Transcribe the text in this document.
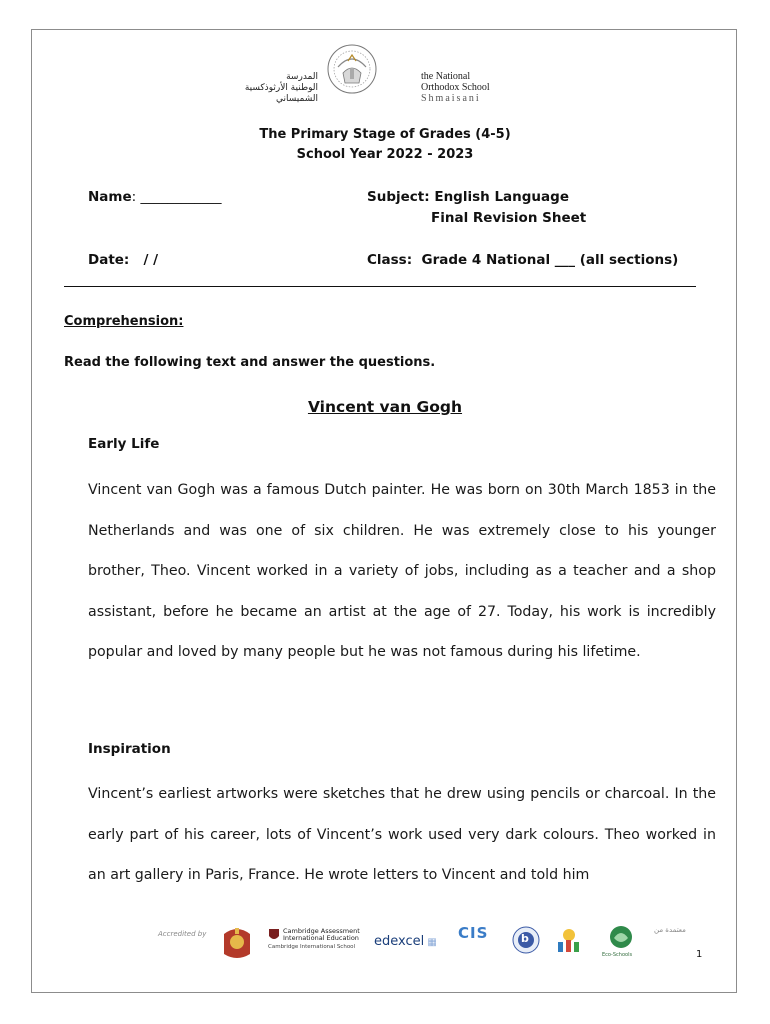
المدرسة
الوطنية الأرثوذكسية
الشميساني
the National
Orthodox School
Shmaisani
The Primary Stage of Grades (4-5)
School Year 2022 - 2023
Name: ____________	Subject: English Language
Final Revision Sheet
Date: / /	Class: Grade 4 National ___ (all sections)
Comprehension:
Read the following text and answer the questions.
Vincent van Gogh
Early Life
Vincent van Gogh was a famous Dutch painter. He was born on 30th March 1853 in the Netherlands and was one of six children. He was extremely close to his younger brother, Theo. Vincent worked in a variety of jobs, including as a teacher and a shop assistant, before he became an artist at the age of 27. Today, his work is incredibly popular and loved by many people but he was not famous during his lifetime.
Inspiration
Vincent’s earliest artworks were sketches that he drew using pencils or charcoal. In the early part of his career, lots of Vincent’s work used very dark colours. Theo worked in an art gallery in Paris, France. He wrote letters to Vincent and told him
Accredited by	Cambridge Assessment
International Education
Cambridge International School	edexcel ▦
CIS	b
Eco-Schools
معتمدة من
1
